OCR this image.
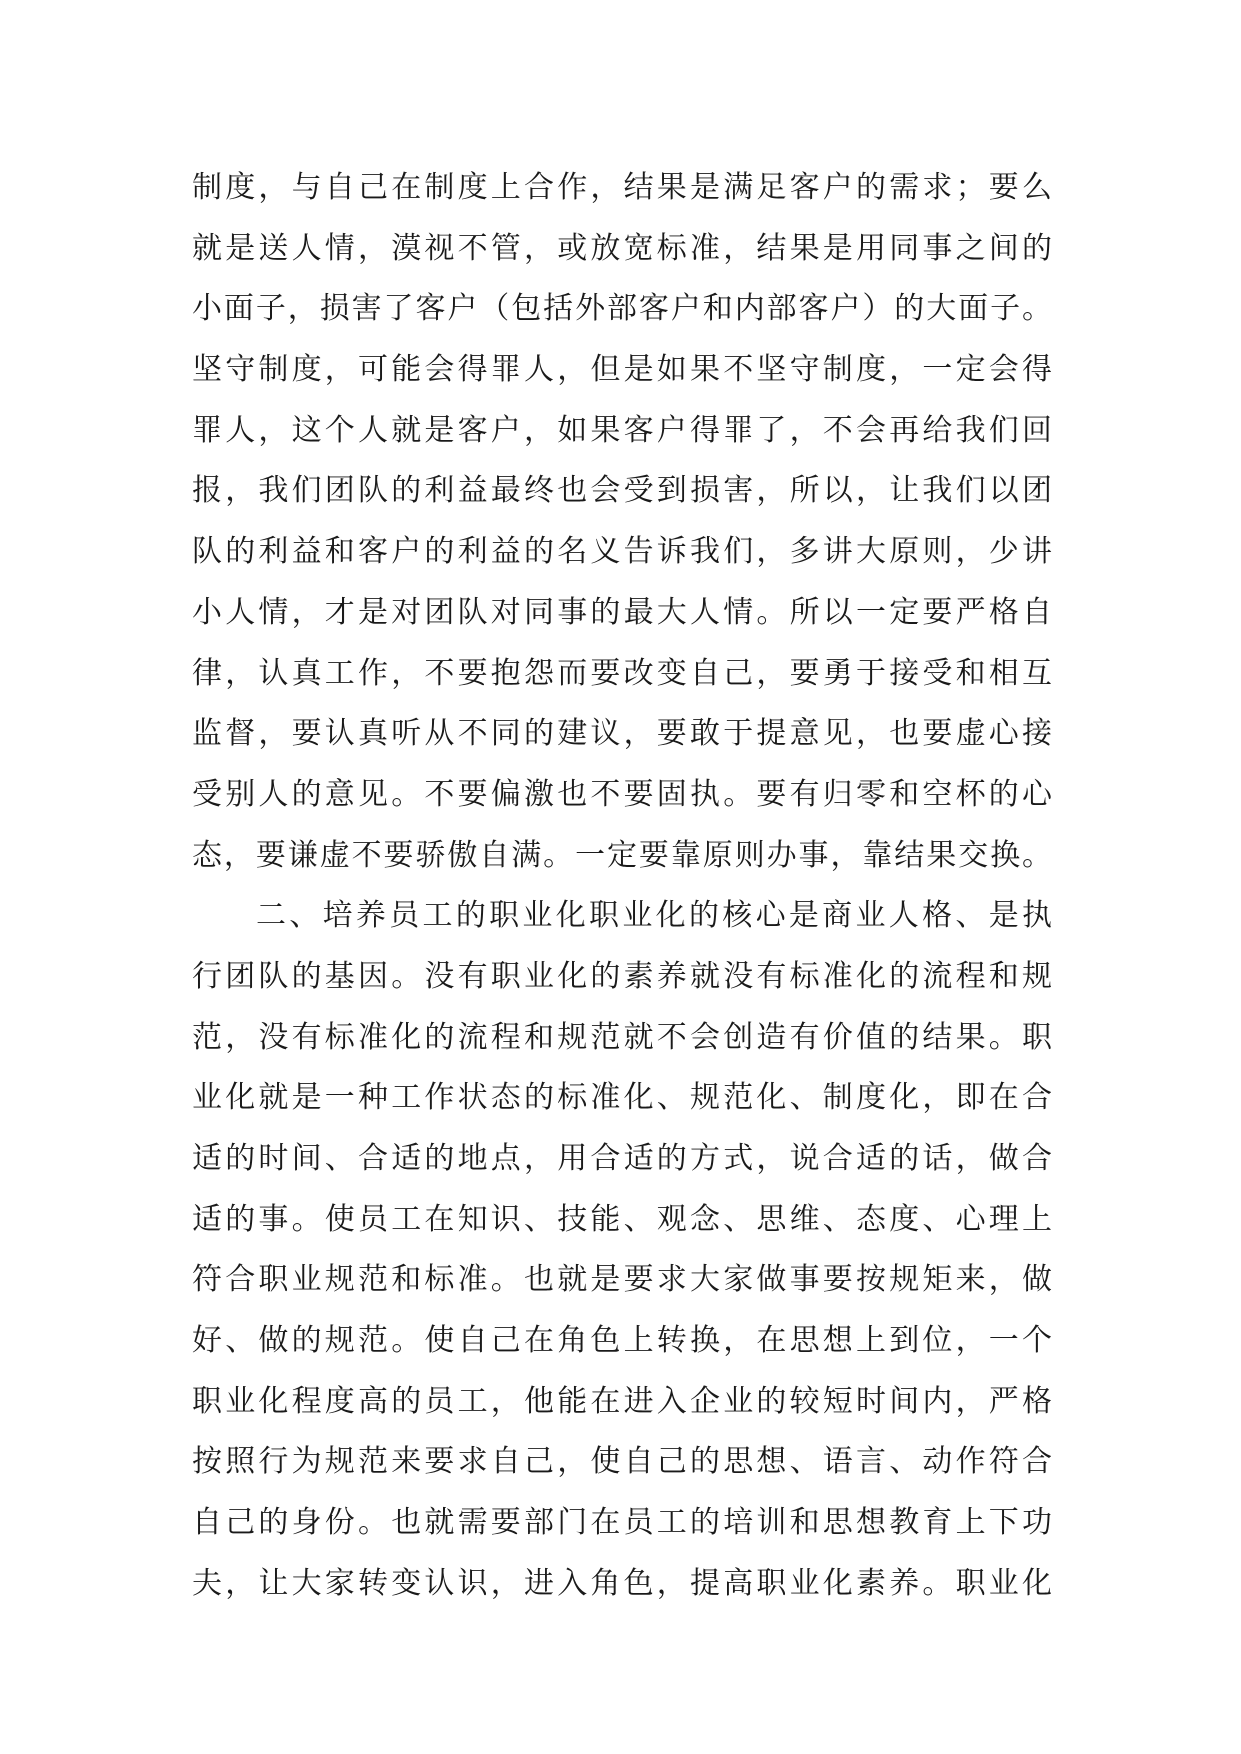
制度，与自己在制度上合作，结果是满足客户的需求；要么
就是送人情，漠视不管，或放宽标准，结果是用同事之间的
小面子，损害了客户（包括外部客户和内部客户）的大面子。
坚守制度，可能会得罪人，但是如果不坚守制度，一定会得
罪人，这个人就是客户，如果客户得罪了，不会再给我们回
报，我们团队的利益最终也会受到损害，所以，让我们以团
队的利益和客户的利益的名义告诉我们，多讲大原则，少讲
小人情，才是对团队对同事的最大人情。所以一定要严格自
律，认真工作，不要抱怨而要改变自己，要勇于接受和相互
监督，要认真听从不同的建议，要敢于提意见，也要虚心接
受别人的意见。不要偏激也不要固执。要有归零和空杯的心
态，要谦虚不要骄傲自满。一定要靠原则办事，靠结果交换。
二、培养员工的职业化职业化的核心是商业人格、是执
行团队的基因。没有职业化的素养就没有标准化的流程和规
范，没有标准化的流程和规范就不会创造有价值的结果。职
业化就是一种工作状态的标准化、规范化、制度化，即在合
适的时间、合适的地点，用合适的方式，说合适的话，做合
适的事。使员工在知识、技能、观念、思维、态度、心理上
符合职业规范和标准。也就是要求大家做事要按规矩来，做
好、做的规范。使自己在角色上转换，在思想上到位，一个
职业化程度高的员工，他能在进入企业的较短时间内，严格
按照行为规范来要求自己，使自己的思想、语言、动作符合
自己的身份。也就需要部门在员工的培训和思想教育上下功
夫，让大家转变认识，进入角色，提高职业化素养。职业化
